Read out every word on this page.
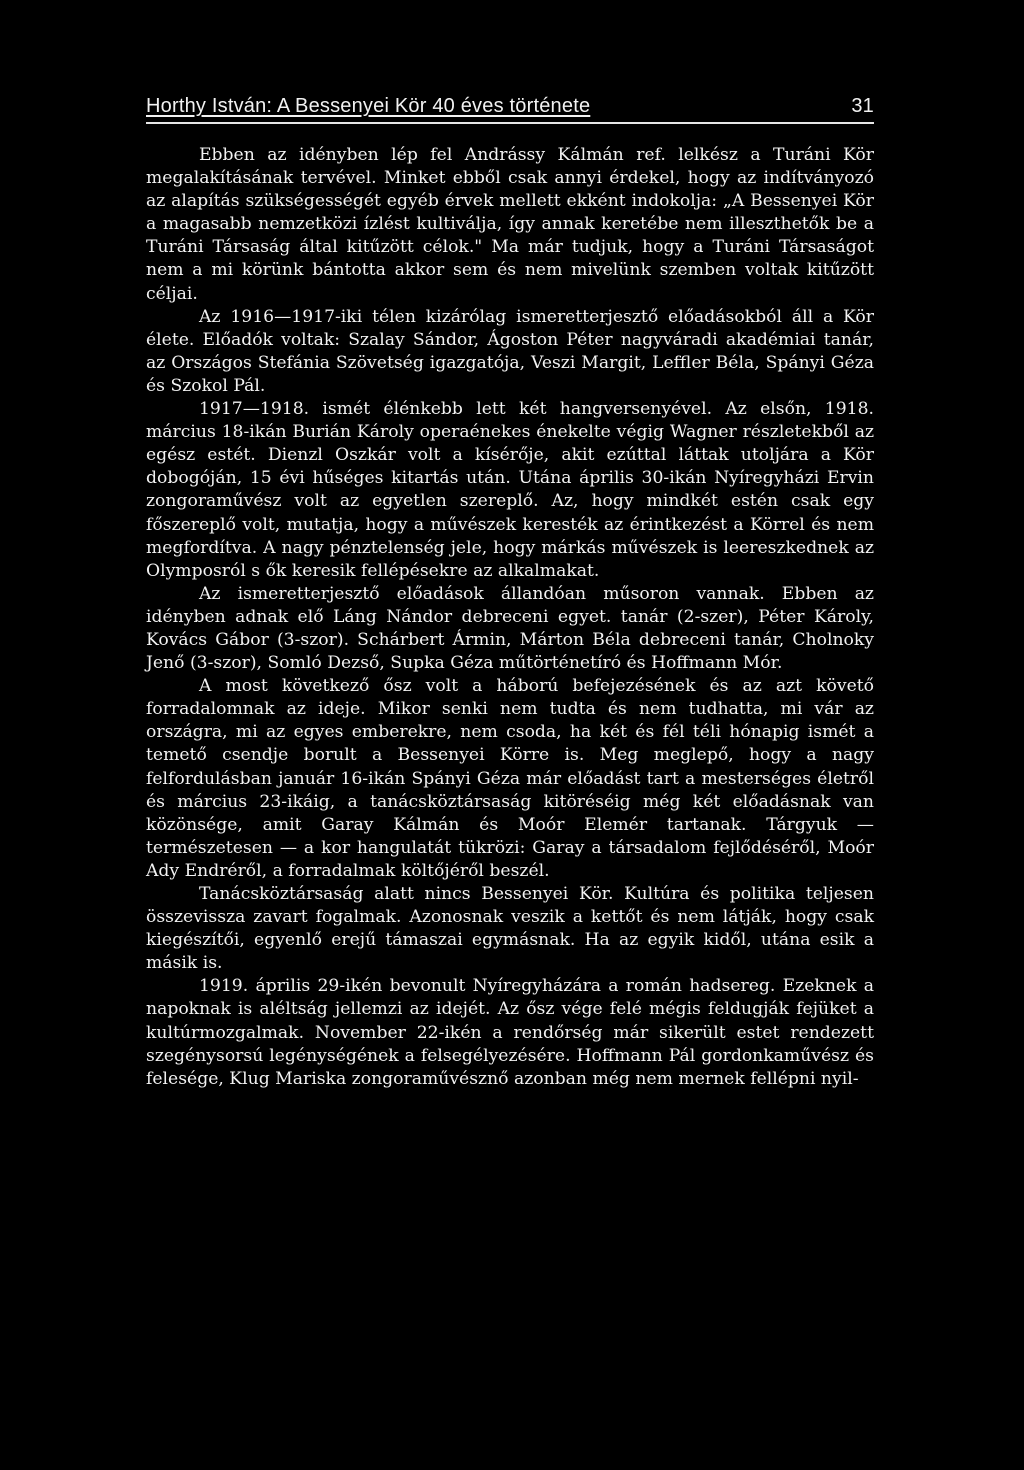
Horthy István: A Bessenyei Kör 40 éves története	31

Ebben az idényben lép fel Andrássy Kálmán ref. lelkész a Turáni Kör megalakításának tervével. Minket ebből csak annyi érdekel, hogy az indítványozó az alapítás szükségességét egyéb érvek mellett ekként indokolja: „A Bessenyei Kör a magasabb nemzetközi ízlést kultiválja, így annak keretébe nem illeszthetők be a Turáni Társaság által kitűzött célok." Ma már tudjuk, hogy a Turáni Társaságot nem a mi körünk bántotta akkor sem és nem mivelünk szemben voltak kitűzött céljai.

Az 1916—1917-iki télen kizárólag ismeretterjesztő előadásokból áll a Kör élete. Előadók voltak: Szalay Sándor, Ágoston Péter nagyváradi akadémiai tanár, az Országos Stefánia Szövetség igazgatója, Veszi Margit, Leffler Béla, Spányi Géza és Szokol Pál.

1917—1918. ismét élénkebb lett két hangversenyével. Az elsőn, 1918. március 18-ikán Burián Károly operaénekes énekelte végig Wagner részletekből az egész estét. Dienzl Oszkár volt a kísérője, akit ezúttal láttak utoljára a Kör dobogóján, 15 évi hűséges kitartás után. Utána április 30-ikán Nyíregyházi Ervin zongoraművész volt az egyetlen szereplő. Az, hogy mindkét estén csak egy főszereplő volt, mutatja, hogy a művészek keresték az érintkezést a Körrel és nem megfordítva. A nagy pénztelenség jele, hogy márkás művészek is leereszkednek az Olymposról s ők keresik fellépésekre az alkalmakat.

Az ismeretterjesztő előadások állandóan műsoron vannak. Ebben az idényben adnak elő Láng Nándor debreceni egyet. tanár (2-szer), Péter Károly, Kovács Gábor (3-szor). Schárbert Ármin, Márton Béla debreceni tanár, Cholnoky Jenő (3-szor), Somló Dezső, Supka Géza műtörténetíró és Hoffmann Mór.

A most következő ősz volt a háború befejezésének és az azt követő forradalomnak az ideje. Mikor senki nem tudta és nem tudhatta, mi vár az országra, mi az egyes emberekre, nem csoda, ha két és fél téli hónapig ismét a temető csendje borult a Bessenyei Körre is. Meg meglepő, hogy a nagy felfordulásban január 16-ikán Spányi Géza már előadást tart a mesterséges életről és március 23-ikáig, a tanácsköztársaság kitöréséig még két előadásnak van közönsége, amit Garay Kálmán és Moór Elemér tartanak. Tárgyuk — természetesen — a kor hangulatát tükrözi: Garay a társadalom fejlődéséről, Moór Ady Endréről, a forradalmak költőjéről beszél.

Tanácsköztársaság alatt nincs Bessenyei Kör. Kultúra és politika teljesen összevissza zavart fogalmak. Azonosnak veszik a kettőt és nem látják, hogy csak kiegészítői, egyenlő erejű támaszai egymásnak. Ha az egyik kidől, utána esik a másik is.

1919. április 29-ikén bevonult Nyíregyházára a román hadsereg. Ezeknek a napoknak is aléltság jellemzi az idejét. Az ősz vége felé mégis feldugják fejüket a kultúrmozgalmak. November 22-ikén a rendőrség már sikerült estet rendezett szegénysorsú legénységének a felsegélyezésére. Hoffmann Pál gordonkaművész és felesége, Klug Mariska zongoraművésznő azonban még nem mernek fellépni nyil-
